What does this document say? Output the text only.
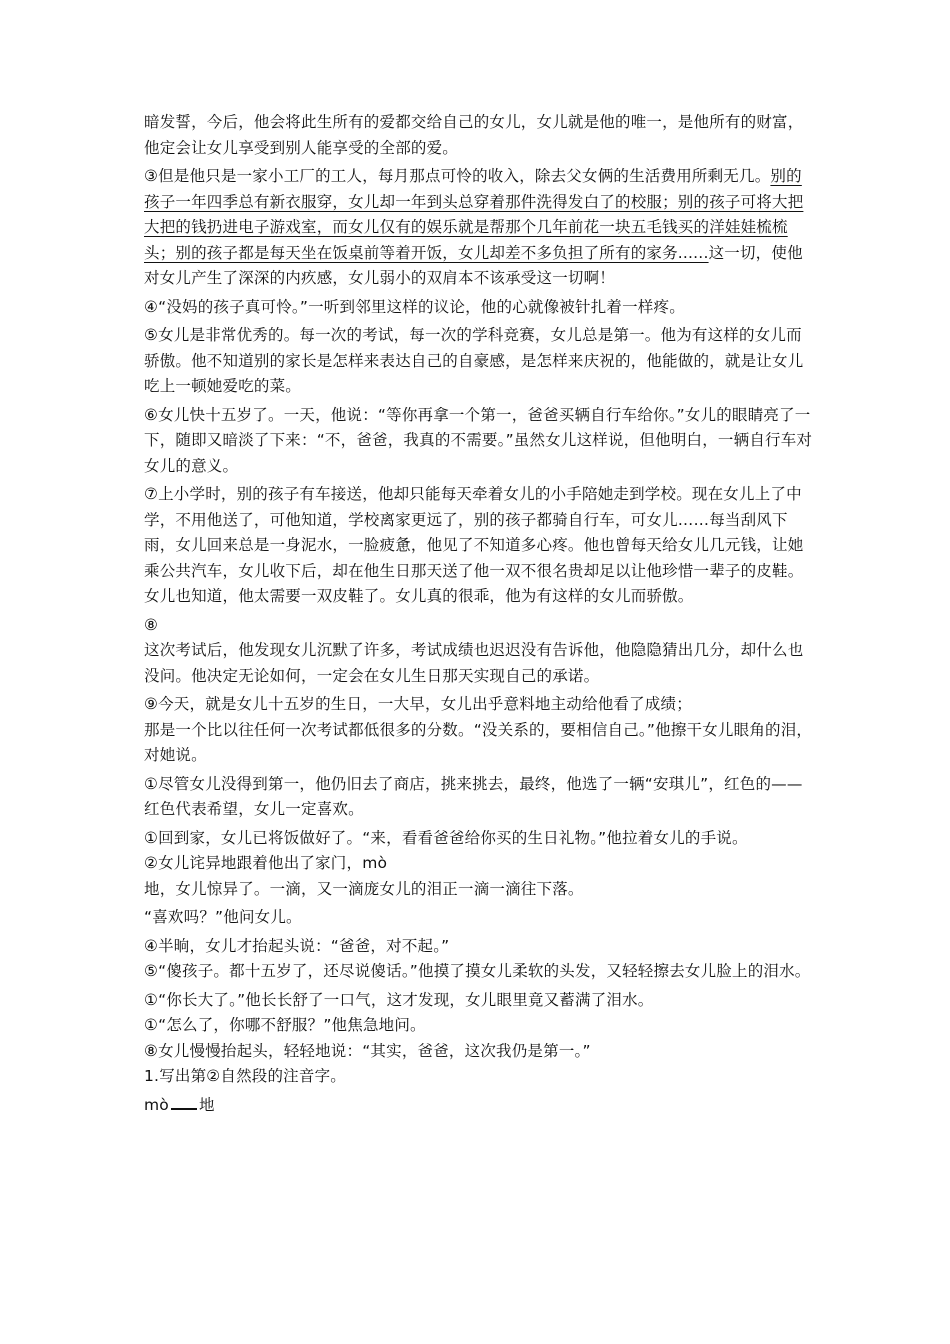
暗发誓，今后，他会将此生所有的爱都交给自己的女儿，女儿就是他的唯一，是他所有的财富，他定会让女儿享受到别人能享受的全部的爱。

③但是他只是一家小工厂的工人，每月那点可怜的收入，除去父女俩的生活费用所剩无几。别的孩子一年四季总有新衣服穿，女儿却一年到头总穿着那件洗得发白了的校服；别的孩子可将大把大把的钱扔进电子游戏室，而女儿仅有的娱乐就是帮那个几年前花一块五毛钱买的洋娃娃梳梳头；别的孩子都是每天坐在饭桌前等着开饭，女儿却差不多负担了所有的家务......这一切，使他对女儿产生了深深的内疚感，女儿弱小的双肩本不该承受这一切啊！

④“没妈的孩子真可怜。”一听到邻里这样的议论，他的心就像被针扎着一样疼。

⑤女儿是非常优秀的。每一次的考试，每一次的学科竞赛，女儿总是第一。他为有这样的女儿而骄傲。他不知道别的家长是怎样来表达自己的自豪感，是怎样来庆祝的，他能做的，就是让女儿吃上一顿她爱吃的菜。

⑥女儿快十五岁了。一天，他说：“等你再拿一个第一，爸爸买辆自行车给你。”女儿的眼睛亮了一下，随即又暗淡了下来：“不，爸爸，我真的不需要。”虽然女儿这样说，但他明白，一辆自行车对女儿的意义。

⑦上小学时，别的孩子有车接送，他却只能每天牵着女儿的小手陪她走到学校。现在女儿上了中学，不用他送了，可他知道，学校离家更远了，别的孩子都骑自行车，可女儿……每当刮风下雨，女儿回来总是一身泥水，一脸疲惫，他见了不知道多心疼。他也曾每天给女儿几元钱，让她乘公共汽车，女儿收下后，却在他生日那天送了他一双不很名贵却足以让他珍惜一辈子的皮鞋。女儿也知道，他太需要一双皮鞋了。女儿真的很乖，他为有这样的女儿而骄傲。

⑧

这次考试后，他发现女儿沉默了许多，考试成绩也迟迟没有告诉他，他隐隐猜出几分，却什么也没问。他决定无论如何，一定会在女儿生日那天实现自己的承诺。

⑨今天，就是女儿十五岁的生日，一大早，女儿出乎意料地主动给他看了成绩；

那是一个比以往任何一次考试都低很多的分数。“没关系的，要相信自己。”他擦干女儿眼角的泪，对她说。

①尽管女儿没得到第一，他仍旧去了商店，挑来挑去，最终，他选了一辆“安琪儿”，红色的——红色代表希望，女儿一定喜欢。

①回到家，女儿已将饭做好了。“来，看看爸爸给你买的生日礼物。”他拉着女儿的手说。

②女儿诧异地跟着他出了家门，mò

地，女儿惊异了。一滴，又一滴庞女儿的泪正一滴一滴往下落。

“喜欢吗？”他问女儿。

④半晌，女儿才抬起头说：“爸爸，对不起。”

⑤“傻孩子。都十五岁了，还尽说傻话。”他摸了摸女儿柔软的头发，又轻轻擦去女儿脸上的泪水。

①“你长大了。”他长长舒了一口气，这才发现，女儿眼里竟又蓄满了泪水。

①“怎么了，你哪不舒服？”他焦急地问。

⑧女儿慢慢抬起头，轻轻地说：“其实，爸爸，这次我仍是第一。”

1.写出第②自然段的注音字。

mò 地
